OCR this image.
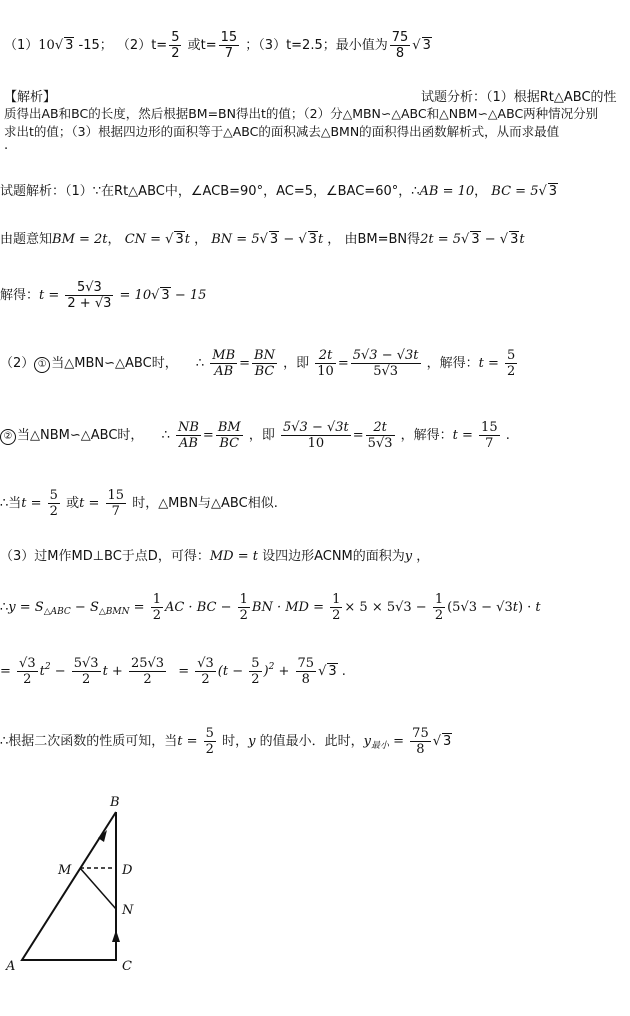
（1）10√ 3 -15； $(2)t= \frac{5}{2}$ 或$t= \frac{15}{7}$ ；（3）t=2.5；最小值为 $\frac{75}{8}$ √ 3
【解析】	试题分析：（1）根据Rt△ABC的性
质得出AB和BC的长度，然后根据BM=BN得出t的值；（2）分△MBN∽△ABC和△NBM∽△ABC两种情况分别
求出t的值；（3）根据四边形的面积等于△ABC的面积减去△BMN的面积得出函数解析式，从而求最值
.
试题解析：（1）∵在Rt△ABC中，∠ACB=90°，AC=5，∠BAC=60°，∴AB = 10， BC = 5√ 3
由题意知BM = 2t， CN = √ 3t ， BN = 5√ 3 − √ 3t ， 由BM=BN得2t = 5√ 3 − √ 3t
解得：$t = \frac{5√3}{2 + √3} = 10√$ 3 − 15
（2） ① 当△MBN∽△ABC时， ∴ $\frac{MB}{AB} = \frac{BN}{BC}$ ，即 $\frac{2t}{10} = \frac{5√3 - √3t}{5√3}$ ，解得：$t = \frac{5}{2}$
② 当△NBM∽△ABC时， ∴ $\frac{NB}{AB} = \frac{BM}{BC}$ ，即 $\frac{5√3 - √3t}{10} = \frac{2t}{5√3}$ ，解得：$t = \frac{15}{7}$ .
∴当$t = \frac{5}{2}$ 或$t = \frac{15}{7}$ 时，△MBN与△ABC相似.
（3）过M作MD⊥BC于点D，可得：MD = t 设四边形ACNM的面积为y ，
∴y = $S_{\triangle ABC} - S_{\triangle BMN} = \frac{1}{2}$ AC · BC − $\frac{1}{2}$ BN · MD = $\frac{1}{2} \times 5 \times 5√3 - \frac{1}{2} (5√3 - √3t) \cdot t$
= $\frac{√3}{2} t^2 - \frac{5√3}{2}$ $t + \frac{25√3}{2} = \frac{√3}{2} (t - \frac{5}{2} )^2 + \frac{75}{8}$ √ 3 .
∴根据二次函数的性质可知，当$t = \frac{5}{2}$ 时，y 的值最小．此时，$y_{最小} = \frac{75}{8}$ √ 3
B
M	D
N
A	C
